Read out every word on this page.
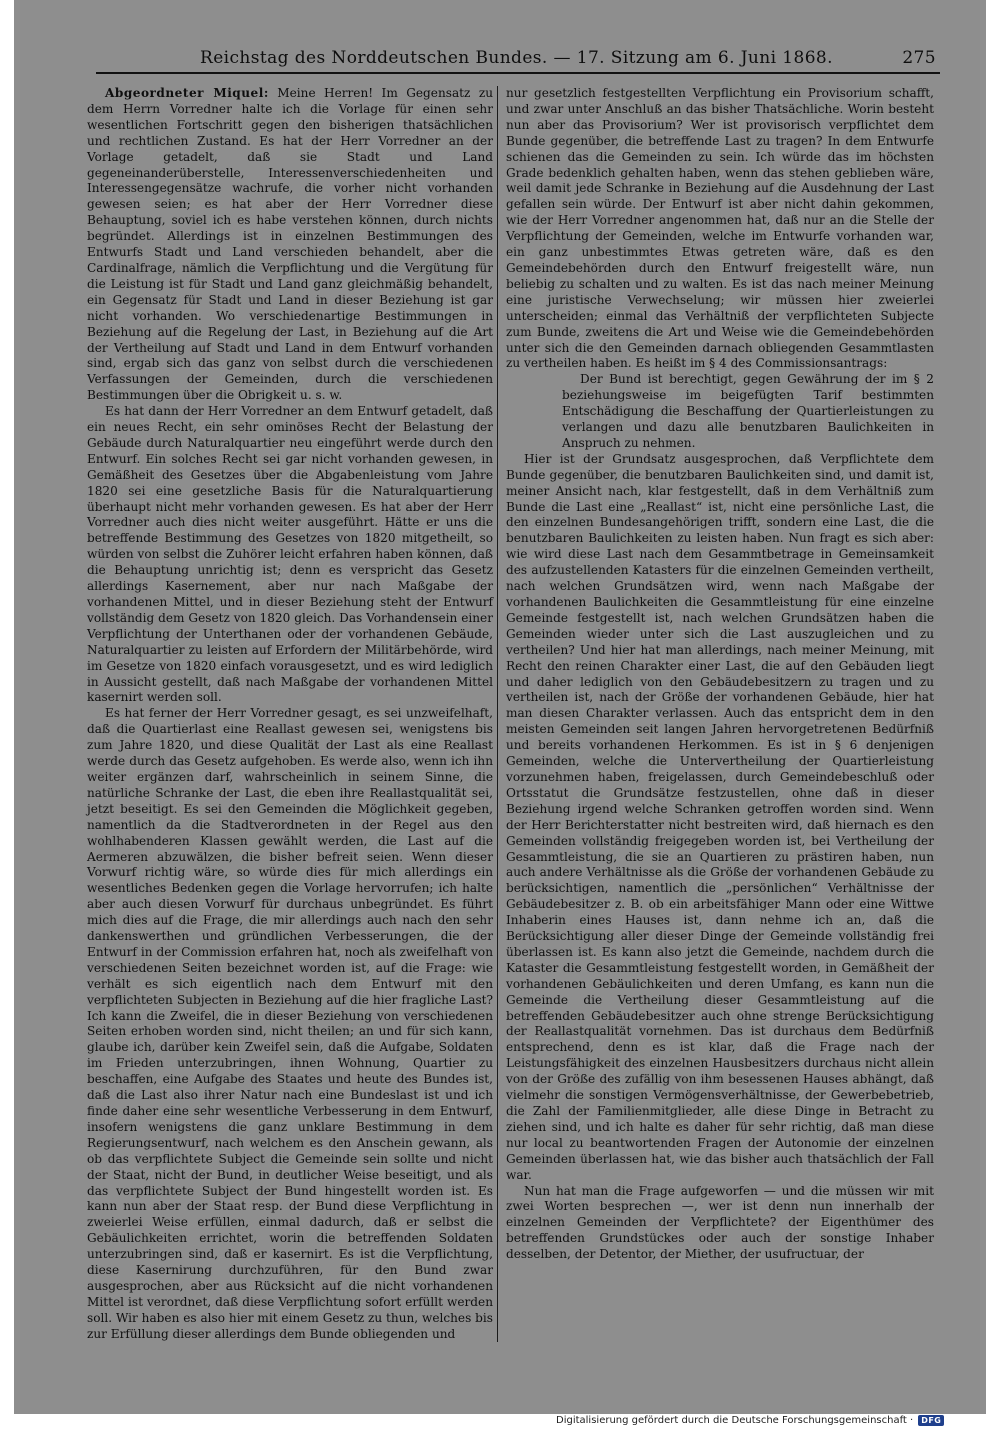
Reichstag des Norddeutschen Bundes. — 17. Sitzung am 6. Juni 1868.	275

Abgeordneter Miquel: Meine Herren! Im Gegensatz zu dem Herrn Vorredner halte ich die Vorlage für einen sehr wesentlichen Fortschritt gegen den bisherigen thatsächlichen und rechtlichen Zustand. Es hat der Herr Vorredner an der Vorlage getadelt, daß sie Stadt und Land gegeneinanderüberstelle, Interessenverschiedenheiten und Interessengegensätze wachrufe, die vorher nicht vorhanden gewesen seien; es hat aber der Herr Vorredner diese Behauptung, soviel ich es habe verstehen können, durch nichts begründet. Allerdings ist in einzelnen Bestimmungen des Entwurfs Stadt und Land verschieden behandelt, aber die Cardinalfrage, nämlich die Verpflichtung und die Vergütung für die Leistung ist für Stadt und Land ganz gleichmäßig behandelt, ein Gegensatz für Stadt und Land in dieser Beziehung ist gar nicht vorhanden. Wo verschiedenartige Bestimmungen in Beziehung auf die Regelung der Last, in Beziehung auf die Art der Vertheilung auf Stadt und Land in dem Entwurf vorhanden sind, ergab sich das ganz von selbst durch die verschiedenen Verfassungen der Gemeinden, durch die verschiedenen Bestimmungen über die Obrigkeit u. s. w.

Es hat dann der Herr Vorredner an dem Entwurf getadelt, daß ein neues Recht, ein sehr ominöses Recht der Belastung der Gebäude durch Naturalquartier neu eingeführt werde durch den Entwurf. Ein solches Recht sei gar nicht vorhanden gewesen, in Gemäßheit des Gesetzes über die Abgabenleistung vom Jahre 1820 sei eine gesetzliche Basis für die Naturalquartierung überhaupt nicht mehr vorhanden gewesen. Es hat aber der Herr Vorredner auch dies nicht weiter ausgeführt. Hätte er uns die betreffende Bestimmung des Gesetzes von 1820 mitgetheilt, so würden von selbst die Zuhörer leicht erfahren haben können, daß die Behauptung unrichtig ist; denn es verspricht das Gesetz allerdings Kasernement, aber nur nach Maßgabe der vorhandenen Mittel, und in dieser Beziehung steht der Entwurf vollständig dem Gesetz von 1820 gleich. Das Vorhandensein einer Verpflichtung der Unterthanen oder der vorhandenen Gebäude, Naturalquartier zu leisten auf Erfordern der Militärbehörde, wird im Gesetze von 1820 einfach vorausgesetzt, und es wird lediglich in Aussicht gestellt, daß nach Maßgabe der vorhandenen Mittel kasernirt werden soll.

Es hat ferner der Herr Vorredner gesagt, es sei unzweifelhaft, daß die Quartierlast eine Reallast gewesen sei, wenigstens bis zum Jahre 1820, und diese Qualität der Last als eine Reallast werde durch das Gesetz aufgehoben. Es werde also, wenn ich ihn weiter ergänzen darf, wahrscheinlich in seinem Sinne, die natürliche Schranke der Last, die eben ihre Reallastqualität sei, jetzt beseitigt. Es sei den Gemeinden die Möglichkeit gegeben, namentlich da die Stadtverordneten in der Regel aus den wohlhabenderen Klassen gewählt werden, die Last auf die Aermeren abzuwälzen, die bisher befreit seien. Wenn dieser Vorwurf richtig wäre, so würde dies für mich allerdings ein wesentliches Bedenken gegen die Vorlage hervorrufen; ich halte aber auch diesen Vorwurf für durchaus unbegründet. Es führt mich dies auf die Frage, die mir allerdings auch nach den sehr dankenswerthen und gründlichen Verbesserungen, die der Entwurf in der Commission erfahren hat, noch als zweifelhaft von verschiedenen Seiten bezeichnet worden ist, auf die Frage: wie verhält es sich eigentlich nach dem Entwurf mit den verpflichteten Subjecten in Beziehung auf die hier fragliche Last? Ich kann die Zweifel, die in dieser Beziehung von verschiedenen Seiten erhoben worden sind, nicht theilen; an und für sich kann, glaube ich, darüber kein Zweifel sein, daß die Aufgabe, Soldaten im Frieden unterzubringen, ihnen Wohnung, Quartier zu beschaffen, eine Aufgabe des Staates und heute des Bundes ist, daß die Last also ihrer Natur nach eine Bundeslast ist und ich finde daher eine sehr wesentliche Verbesserung in dem Entwurf, insofern wenigstens die ganz unklare Bestimmung in dem Regierungsentwurf, nach welchem es den Anschein gewann, als ob das verpflichtete Subject die Gemeinde sein sollte und nicht der Staat, nicht der Bund, in deutlicher Weise beseitigt, und als das verpflichtete Subject der Bund hingestellt worden ist. Es kann nun aber der Staat resp. der Bund diese Verpflichtung in zweierlei Weise erfüllen, einmal dadurch, daß er selbst die Gebäulichkeiten errichtet, worin die betreffenden Soldaten unterzubringen sind, daß er kasernirt. Es ist die Verpflichtung, diese Kasernirung durchzuführen, für den Bund zwar ausgesprochen, aber aus Rücksicht auf die nicht vorhandenen Mittel ist verordnet, daß diese Verpflichtung sofort erfüllt werden soll. Wir haben es also hier mit einem Gesetz zu thun, welches bis zur Erfüllung dieser allerdings dem Bunde obliegenden und

nur gesetzlich festgestellten Verpflichtung ein Provisorium schafft, und zwar unter Anschluß an das bisher Thatsächliche. Worin besteht nun aber das Provisorium? Wer ist provisorisch verpflichtet dem Bunde gegenüber, die betreffende Last zu tragen? In dem Entwurfe schienen das die Gemeinden zu sein. Ich würde das im höchsten Grade bedenklich gehalten haben, wenn das stehen geblieben wäre, weil damit jede Schranke in Beziehung auf die Ausdehnung der Last gefallen sein würde. Der Entwurf ist aber nicht dahin gekommen, wie der Herr Vorredner angenommen hat, daß nur an die Stelle der Verpflichtung der Gemeinden, welche im Entwurfe vorhanden war, ein ganz unbestimmtes Etwas getreten wäre, daß es den Gemeindebehörden durch den Entwurf freigestellt wäre, nun beliebig zu schalten und zu walten. Es ist das nach meiner Meinung eine juristische Verwechselung; wir müssen hier zweierlei unterscheiden; einmal das Verhältniß der verpflichteten Subjecte zum Bunde, zweitens die Art und Weise wie die Gemeindebehörden unter sich die den Gemeinden darnach obliegenden Gesammtlasten zu vertheilen haben. Es heißt im § 4 des Commissionsantrags:

Der Bund ist berechtigt, gegen Gewährung der im § 2 beziehungsweise im beigefügten Tarif bestimmten Entschädigung die Beschaffung der Quartierleistungen zu verlangen und dazu alle benutzbaren Baulichkeiten in Anspruch zu nehmen.

Hier ist der Grundsatz ausgesprochen, daß Verpflichtete dem Bunde gegenüber, die benutzbaren Baulichkeiten sind, und damit ist, meiner Ansicht nach, klar festgestellt, daß in dem Verhältniß zum Bunde die Last eine „Reallast“ ist, nicht eine persönliche Last, die den einzelnen Bundesangehörigen trifft, sondern eine Last, die die benutzbaren Baulichkeiten zu leisten haben. Nun fragt es sich aber: wie wird diese Last nach dem Gesammtbetrage in Gemeinsamkeit des aufzustellenden Katasters für die einzelnen Gemeinden vertheilt, nach welchen Grundsätzen wird, wenn nach Maßgabe der vorhandenen Baulichkeiten die Gesammtleistung für eine einzelne Gemeinde festgestellt ist, nach welchen Grundsätzen haben die Gemeinden wieder unter sich die Last auszugleichen und zu vertheilen? Und hier hat man allerdings, nach meiner Meinung, mit Recht den reinen Charakter einer Last, die auf den Gebäuden liegt und daher lediglich von den Gebäudebesitzern zu tragen und zu vertheilen ist, nach der Größe der vorhandenen Gebäude, hier hat man diesen Charakter verlassen. Auch das entspricht dem in den meisten Gemeinden seit langen Jahren hervorgetretenen Bedürfniß und bereits vorhandenen Herkommen. Es ist in § 6 denjenigen Gemeinden, welche die Untervertheilung der Quartierleistung vorzunehmen haben, freigelassen, durch Gemeindebeschluß oder Ortsstatut die Grundsätze festzustellen, ohne daß in dieser Beziehung irgend welche Schranken getroffen worden sind. Wenn der Herr Berichterstatter nicht bestreiten wird, daß hiernach es den Gemeinden vollständig freigegeben worden ist, bei Vertheilung der Gesammtleistung, die sie an Quartieren zu prästiren haben, nun auch andere Verhältnisse als die Größe der vorhandenen Gebäude zu berücksichtigen, namentlich die „persönlichen“ Verhältnisse der Gebäudebesitzer z. B. ob ein arbeitsfähiger Mann oder eine Wittwe Inhaberin eines Hauses ist, dann nehme ich an, daß die Berücksichtigung aller dieser Dinge der Gemeinde vollständig frei überlassen ist. Es kann also jetzt die Gemeinde, nachdem durch die Kataster die Gesammtleistung festgestellt worden, in Gemäßheit der vorhandenen Gebäulichkeiten und deren Umfang, es kann nun die Gemeinde die Vertheilung dieser Gesammtleistung auf die betreffenden Gebäudebesitzer auch ohne strenge Berücksichtigung der Reallastqualität vornehmen. Das ist durchaus dem Bedürfniß entsprechend, denn es ist klar, daß die Frage nach der Leistungsfähigkeit des einzelnen Hausbesitzers durchaus nicht allein von der Größe des zufällig von ihm besessenen Hauses abhängt, daß vielmehr die sonstigen Vermögensverhältnisse, der Gewerbebetrieb, die Zahl der Familienmitglieder, alle diese Dinge in Betracht zu ziehen sind, und ich halte es daher für sehr richtig, daß man diese nur local zu beantwortenden Fragen der Autonomie der einzelnen Gemeinden überlassen hat, wie das bisher auch thatsächlich der Fall war.

Nun hat man die Frage aufgeworfen — und die müssen wir mit zwei Worten besprechen —, wer ist denn nun innerhalb der einzelnen Gemeinden der Verpflichtete? der Eigenthümer des betreffenden Grundstückes oder auch der sonstige Inhaber desselben, der Detentor, der Miether, der usufructuar, der

Digitalisierung gefördert durch die Deutsche Forschungsgemeinschaft ·	DFG
